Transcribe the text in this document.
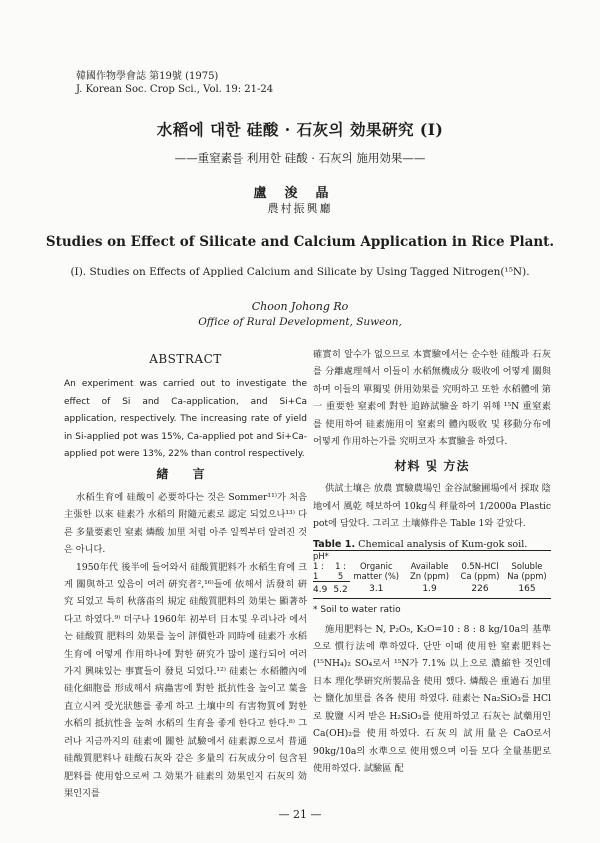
韓國作物學會誌 第19號 (1975)
J. Korean Soc. Crop Sci., Vol. 19: 21-24
水稻에 대한 硅酸 · 石灰의 効果硏究 (Ⅰ)
——重窒素를 利用한 硅酸 · 石灰의 施用効果——
盧浚晶
農村振興廳
Studies on Effect of Silicate and Calcium Application in Rice Plant.
(I). Studies on Effects of Applied Calcium and Silicate by Using Tagged Nitrogen(¹⁵N).
Choon Johong Ro
Office of Rural Development, Suweon,
ABSTRACT

An experiment was carried out to investigate the effect of Si and Ca-application, and Si+Ca application, respectively. The increasing rate of yield in Si-applied pot was 15%, Ca-applied pot and Si+Ca-applied pot were 13%, 22% than control respectively.

緖 言

水稻生育에 硅酸이 必要하다는 것은 Sommer¹¹⁾가 처음 主張한 以來 硅素가 水稻의 附隨元素로 認定 되었으나¹³⁾ 다른 多量要素인 窒素 燐酸 加里 처럼 아주 일찍부터 알려진 것은 아니다.

1950年代 後半에 들어와서 硅酸質肥料가 水稻生育에 크게 關與하고 있음이 여러 硏究者²,¹⁶⁾들에 依해서 活發히 硏究 되었고 특히 秋落畓의 規定 硅酸質肥料의 効果는 顯著하다고 하였다.⁹⁾ 더구나 1960年 初부터 日本및 우리나라 에서는 硅酸質 肥料의 効果를 높이 評價한과 同時에 硅素가 水稻生育에 어떻게 作用하나에 對한 硏究가 많이 遂行되어 여러가지 興味있는 事實들이 發見 되었다.¹²⁾ 硅素는 水稻體內에 硅化細胞를 形成해서 病蟲害에 對한 抵抗性을 높이고 葉을 直立시켜 受光狀態를 좋게 하고 土壤中의 有害物質에 對한 水稻의 抵抗性을 높혀 水稻의 生育을 좋게 한다고 한다.⁸⁾ 그러나 지금까지의 硅素에 關한 試驗에서 硅素源으로서 普通 硅酸質肥料나 硅酸石灰와 같은 多量의 石灰成分이 包含된 肥料를 使用함으로써 그 効果가 硅素의 効果인지 石灰의 効果인지를

確實히 알수가 없으므로 本實驗에서는 순수한 硅酸과 石灰를 分離處理해서 이들이 水稻無機成分 吸收에 어떻게 關與하며 이들의 單獨및 併用効果를 究明하고 또한 水稻體에 第一 重要한 窒素에 對한 追跡試驗을 하기 위해 ¹⁵N 重窒素를 使用하여 硅素施用이 窒素의 體內吸收 및 移動分布에 어떻게 作用하는가를 究明코자 本實驗을 하였다.

材料 및 方法

供試土壤은 放農 實驗農場인 金谷試驗圃場에서 採取 陰地에서 風乾 해보하여 10kg식 秤量하여 1/2000a Plastic pot에 담았다. 그리고 土壤條件은 Table 1와 같았다.

Table 1. Chemical analysis of Kum-gok soil.
pH*		Organic matter (%)	Available Zn (ppm)	0.5N-HCl Ca (ppm)	Soluble Na (ppm)
1 : 1	1 : 5				
4.9	5.2	3.1	1.9	226	165
* Soil to water ratio

施用肥料는 N, P₂O₅, K₂O=10 : 8 : 8 kg/10a의 基準으로 慣行法에 準하였다. 단만 이때 使用한 窒素肥料는 (¹⁵NH₄)₂ SO₄로서 ¹⁵N가 7.1% 以上으로 濃縮한 것인데 日本 理化學硏究所製品을 使用 했다. 燐酸은 重過石 加里는 鹽化加里를 各各 使用 하였다. 硅素는 Na₂SiO₃를 HCl로 脫鹽 시켜 받은 H₂SiO₃를 使用하였고 石灰는 試藥用인 Ca(OH)₂를 使用하였다. 石灰의 試用量은 CaO로서 90kg/10a의 水準으로 使用했으며 이들 모다 全量基肥로 使用하였다. 試驗區 配

— 21 —
